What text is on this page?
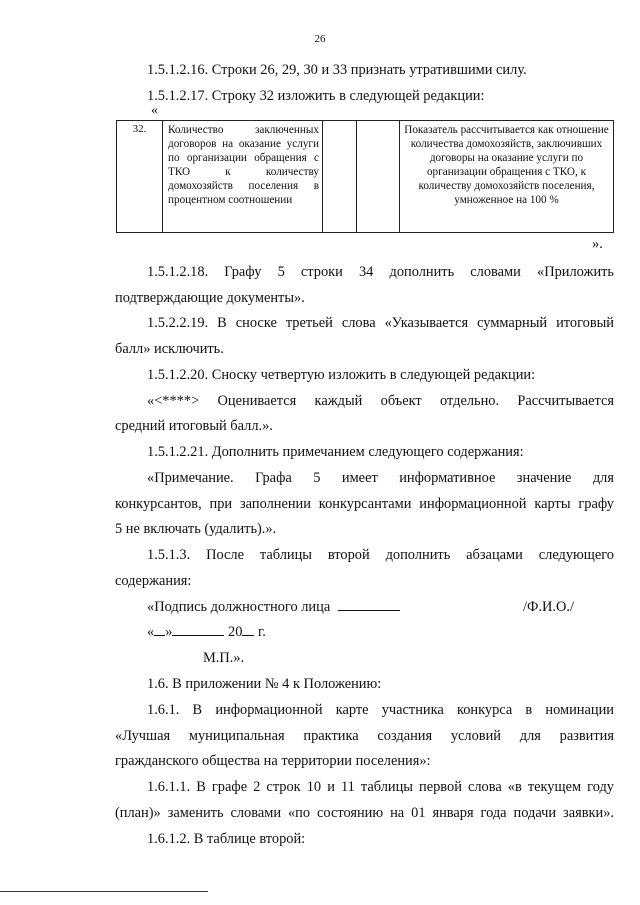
26

1.5.1.2.16. Строки 26, 29, 30 и 33 признать утратившими силу.

1.5.1.2.17. Строку 32 изложить в следующей редакции:

«
32.	Количество заключенных договоров на оказание услуги по организации обращения с ТКО к количеству домохозяйств поселения в процентном соотношении			Показатель рассчитывается как отношение количества домохозяйств, заключивших договоры на оказание услуги по организации обращения с ТКО, к количеству домохозяйств поселения, умноженное на 100 %
».

1.5.1.2.18. Графу 5 строки 34 дополнить словами «Приложить

подтверждающие документы».

1.5.2.2.19. В сноске третьей слова «Указывается суммарный итоговый

балл» исключить.

1.5.1.2.20. Сноску четвертую изложить в следующей редакции:

«<****> Оценивается каждый объект отдельно. Рассчитывается

средний итоговый балл.».

1.5.1.2.21. Дополнить примечанием следующего содержания:

«Примечание. Графа 5 имеет информативное значение для

конкурсантов, при заполнении конкурсантами информационной карты графу

5 не включать (удалить).».

1.5.1.3. После таблицы второй дополнить абзацами следующего

содержания:

«Подпись должностного лица	/Ф.И.О./

« »	20 г.

М.П.».

1.6. В приложении № 4 к Положению:

1.6.1. В информационной карте участника конкурса в номинации

«Лучшая муниципальная практика создания условий для развития

гражданского общества на территории поселения»:

1.6.1.1. В графе 2 строк 10 и 11 таблицы первой слова «в текущем году

(план)» заменить словами «по состоянию на 01 января года подачи заявки».

1.6.1.2. В таблице второй:
